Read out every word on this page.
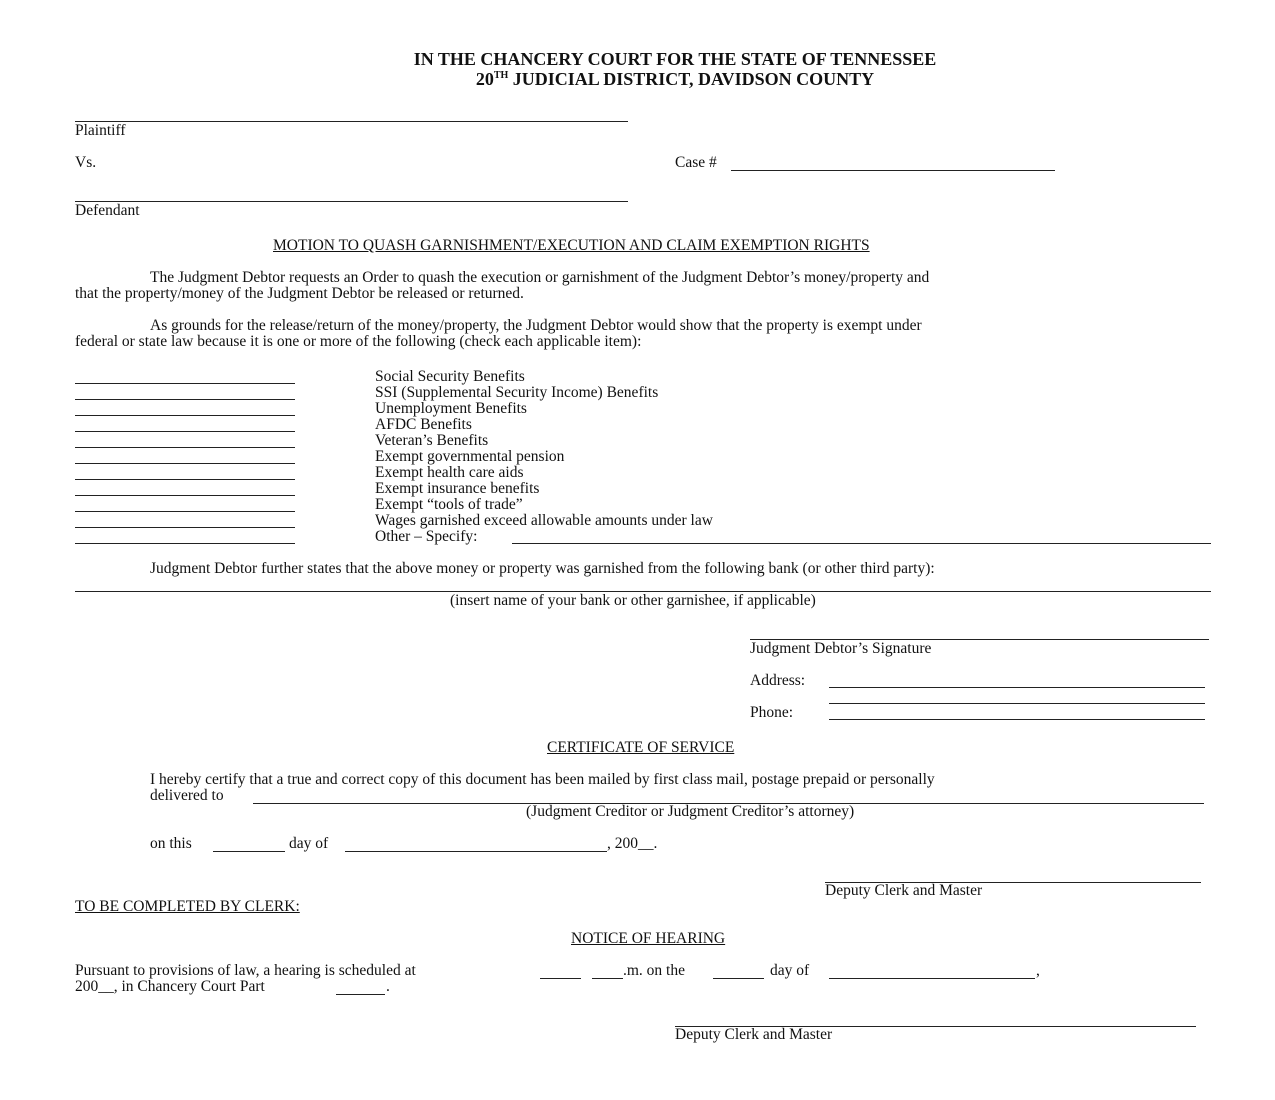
IN THE CHANCERY COURT FOR THE STATE OF TENNESSEE
20TH JUDICIAL DISTRICT, DAVIDSON COUNTY
Plaintiff
Vs.	Case #
Defendant
MOTION TO QUASH GARNISHMENT/EXECUTION AND CLAIM EXEMPTION RIGHTS
The Judgment Debtor requests an Order to quash the execution or garnishment of the Judgment Debtor’s money/property and
that the property/money of the Judgment Debtor be released or returned.
As grounds for the release/return of the money/property, the Judgment Debtor would show that the property is exempt under
federal or state law because it is one or more of the following (check each applicable item):
Social Security Benefits
SSI (Supplemental Security Income) Benefits
Unemployment Benefits
AFDC Benefits
Veteran’s Benefits
Exempt governmental pension
Exempt health care aids
Exempt insurance benefits
Exempt “tools of trade”
Wages garnished exceed allowable amounts under law
Other – Specify:
Judgment Debtor further states that the above money or property was garnished from the following bank (or other third party):
(insert name of your bank or other garnishee, if applicable)
Judgment Debtor’s Signature
Address:
Phone:
CERTIFICATE OF SERVICE
I hereby certify that a true and correct copy of this document has been mailed by first class mail, postage prepaid or personally
delivered to
(Judgment Creditor or Judgment Creditor’s attorney)
on this	day of	, 200__.
Deputy Clerk and Master
TO BE COMPLETED BY CLERK:
NOTICE OF HEARING
Pursuant to provisions of law, a hearing is scheduled at	.m. on the	day of	,
200__, in Chancery Court Part	.
Deputy Clerk and Master
